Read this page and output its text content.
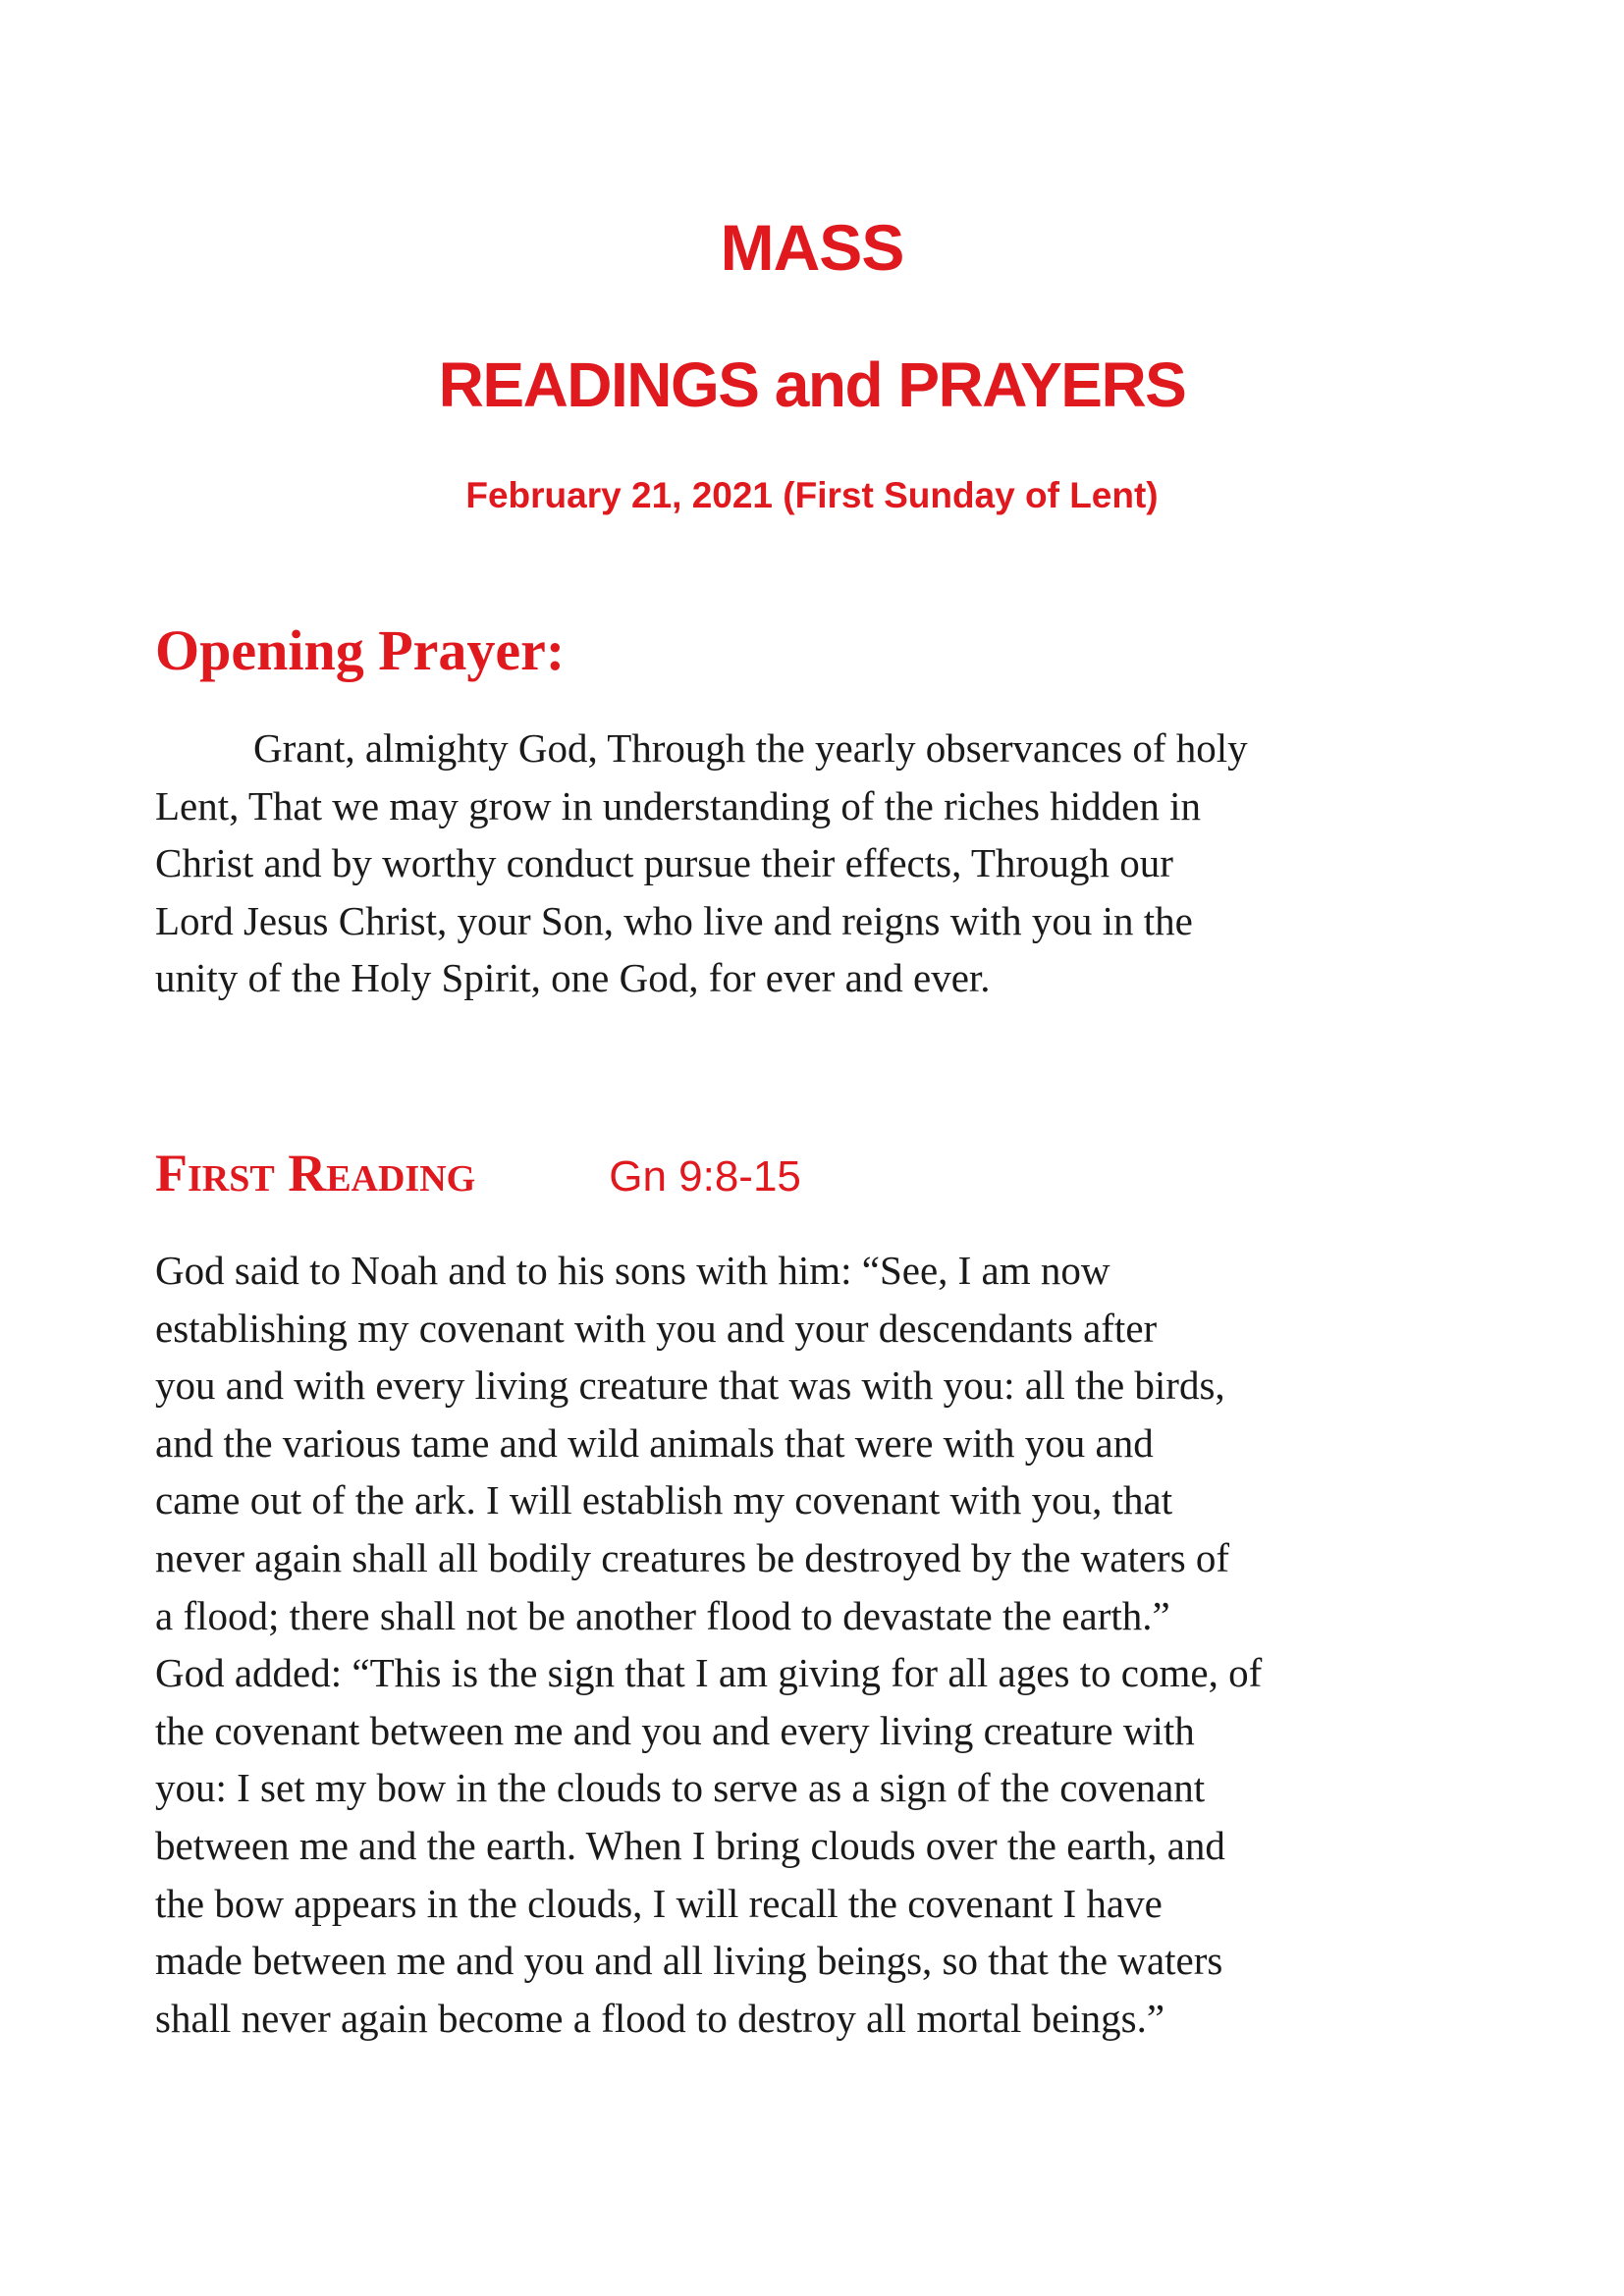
MASS
READINGS and PRAYERS
February 21, 2021 (First Sunday of Lent)
Opening Prayer:
Grant, almighty God, Through the yearly observances of holy
Lent, That we may grow in understanding of the riches hidden in
Christ and by worthy conduct pursue their effects, Through our
Lord Jesus Christ, your Son, who live and reigns with you in the
unity of the Holy Spirit, one God, for ever and ever.
First Reading	Gn 9:8-15
God said to Noah and to his sons with him: “See, I am now
establishing my covenant with you and your descendants after
you and with every living creature that was with you: all the birds,
and the various tame and wild animals that were with you and
came out of the ark. I will establish my covenant with you, that
never again shall all bodily creatures be destroyed by the waters of
a flood; there shall not be another flood to devastate the earth.”
God added: “This is the sign that I am giving for all ages to come, of
the covenant between me and you and every living creature with
you: I set my bow in the clouds to serve as a sign of the covenant
between me and the earth. When I bring clouds over the earth, and
the bow appears in the clouds, I will recall the covenant I have
made between me and you and all living beings, so that the waters
shall never again become a flood to destroy all mortal beings.”
